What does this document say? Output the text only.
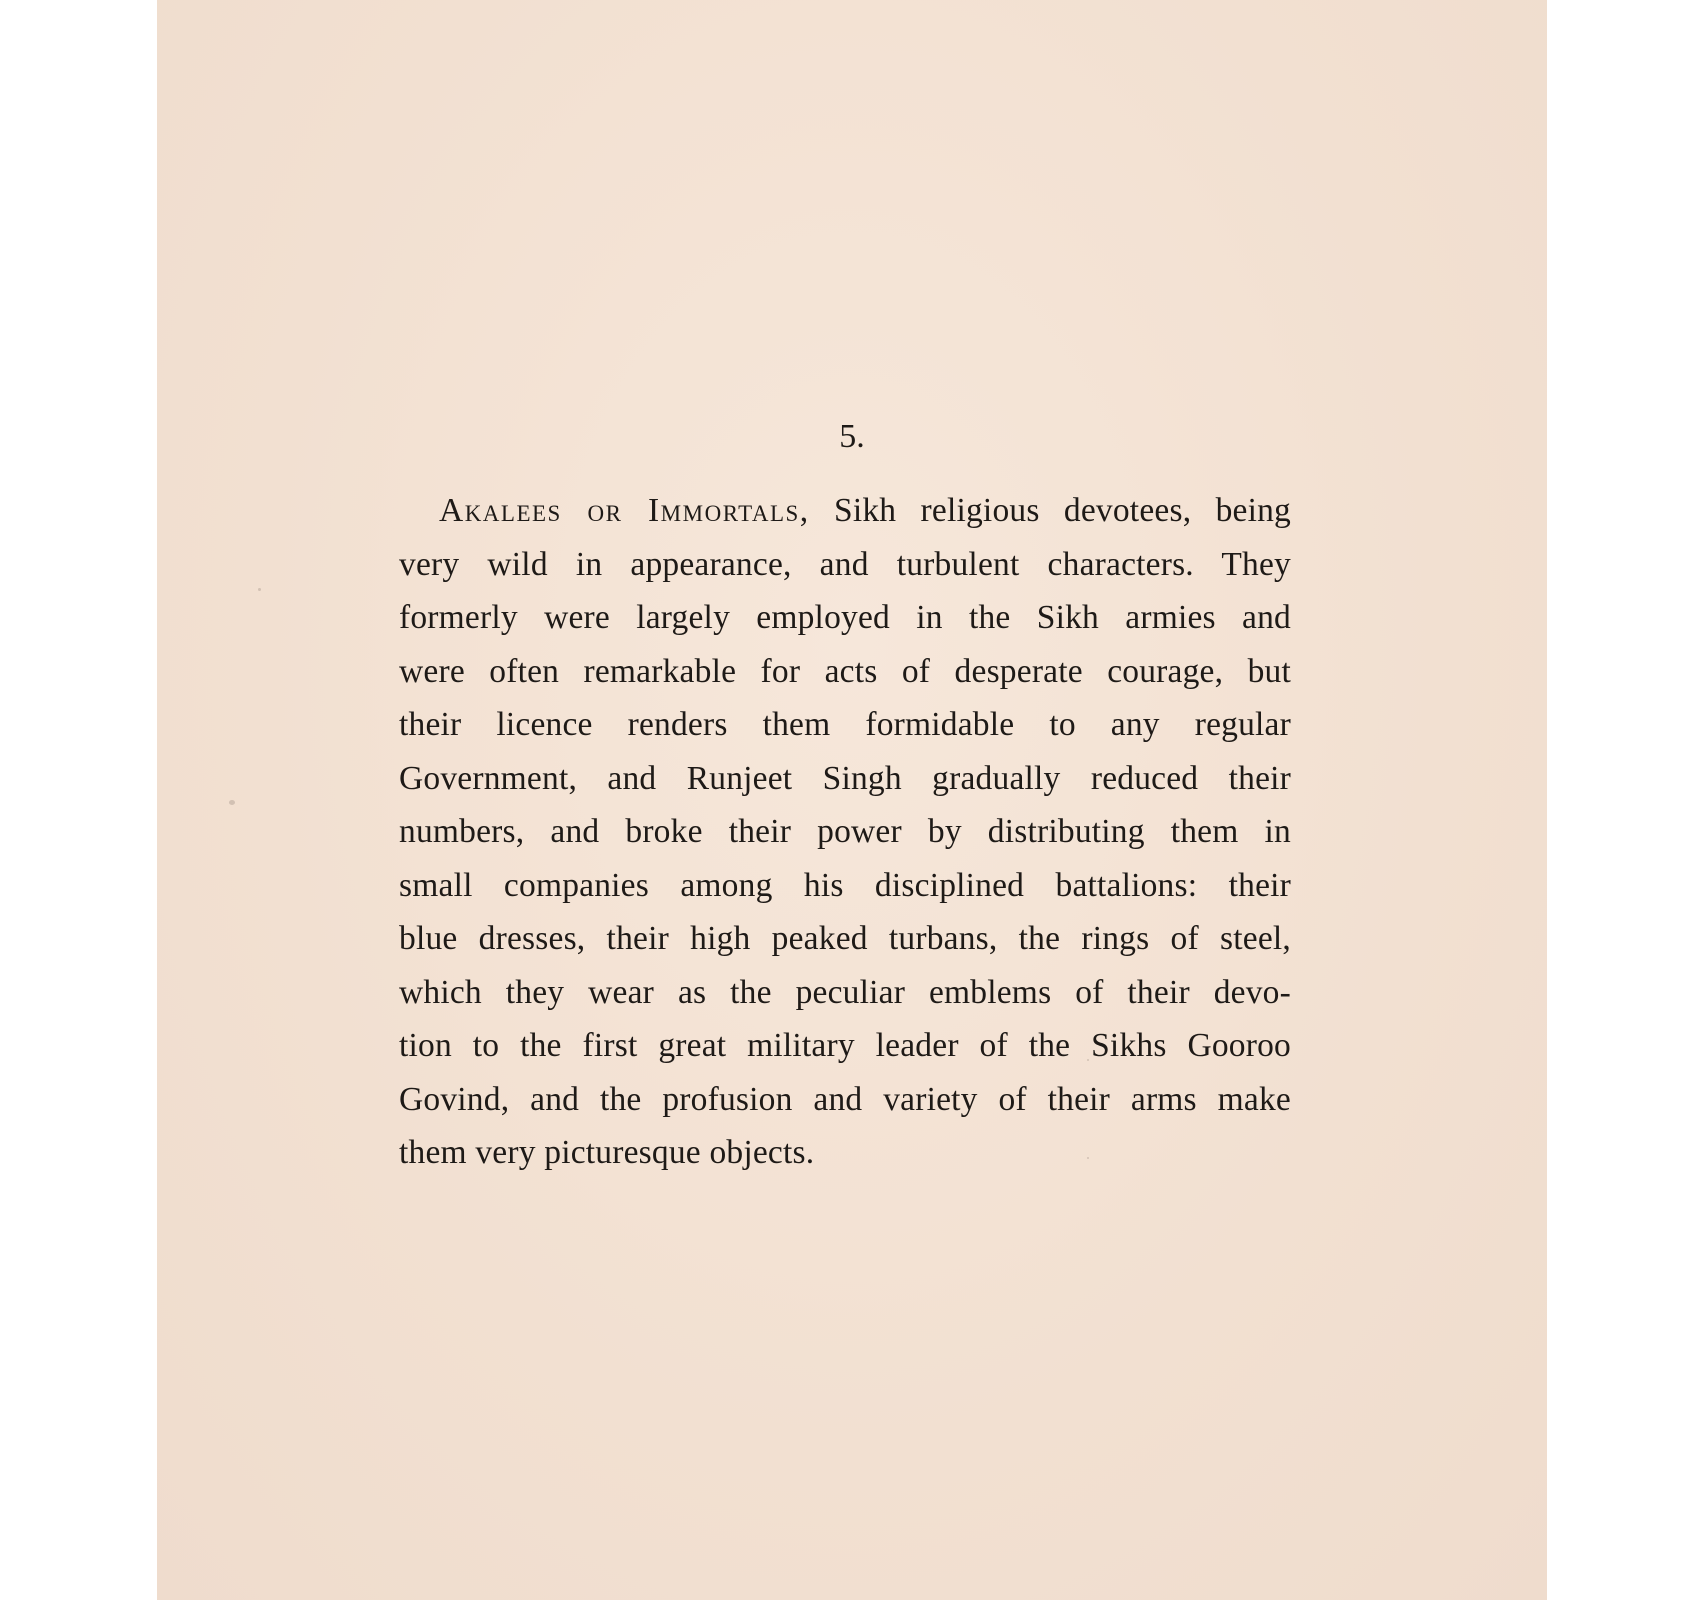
5.
Akalees or Immortals, Sikh religious devotees, being
very wild in appearance, and turbulent characters. They
formerly were largely employed in the Sikh armies and
were often remarkable for acts of desperate courage, but
their licence renders them formidable to any regular
Government, and Runjeet Singh gradually reduced their
numbers, and broke their power by distributing them in
small companies among his disciplined battalions: their
blue dresses, their high peaked turbans, the rings of steel,
which they wear as the peculiar emblems of their devo-
tion to the first great military leader of the Sikhs Gooroo
Govind, and the profusion and variety of their arms make
them very picturesque objects.
